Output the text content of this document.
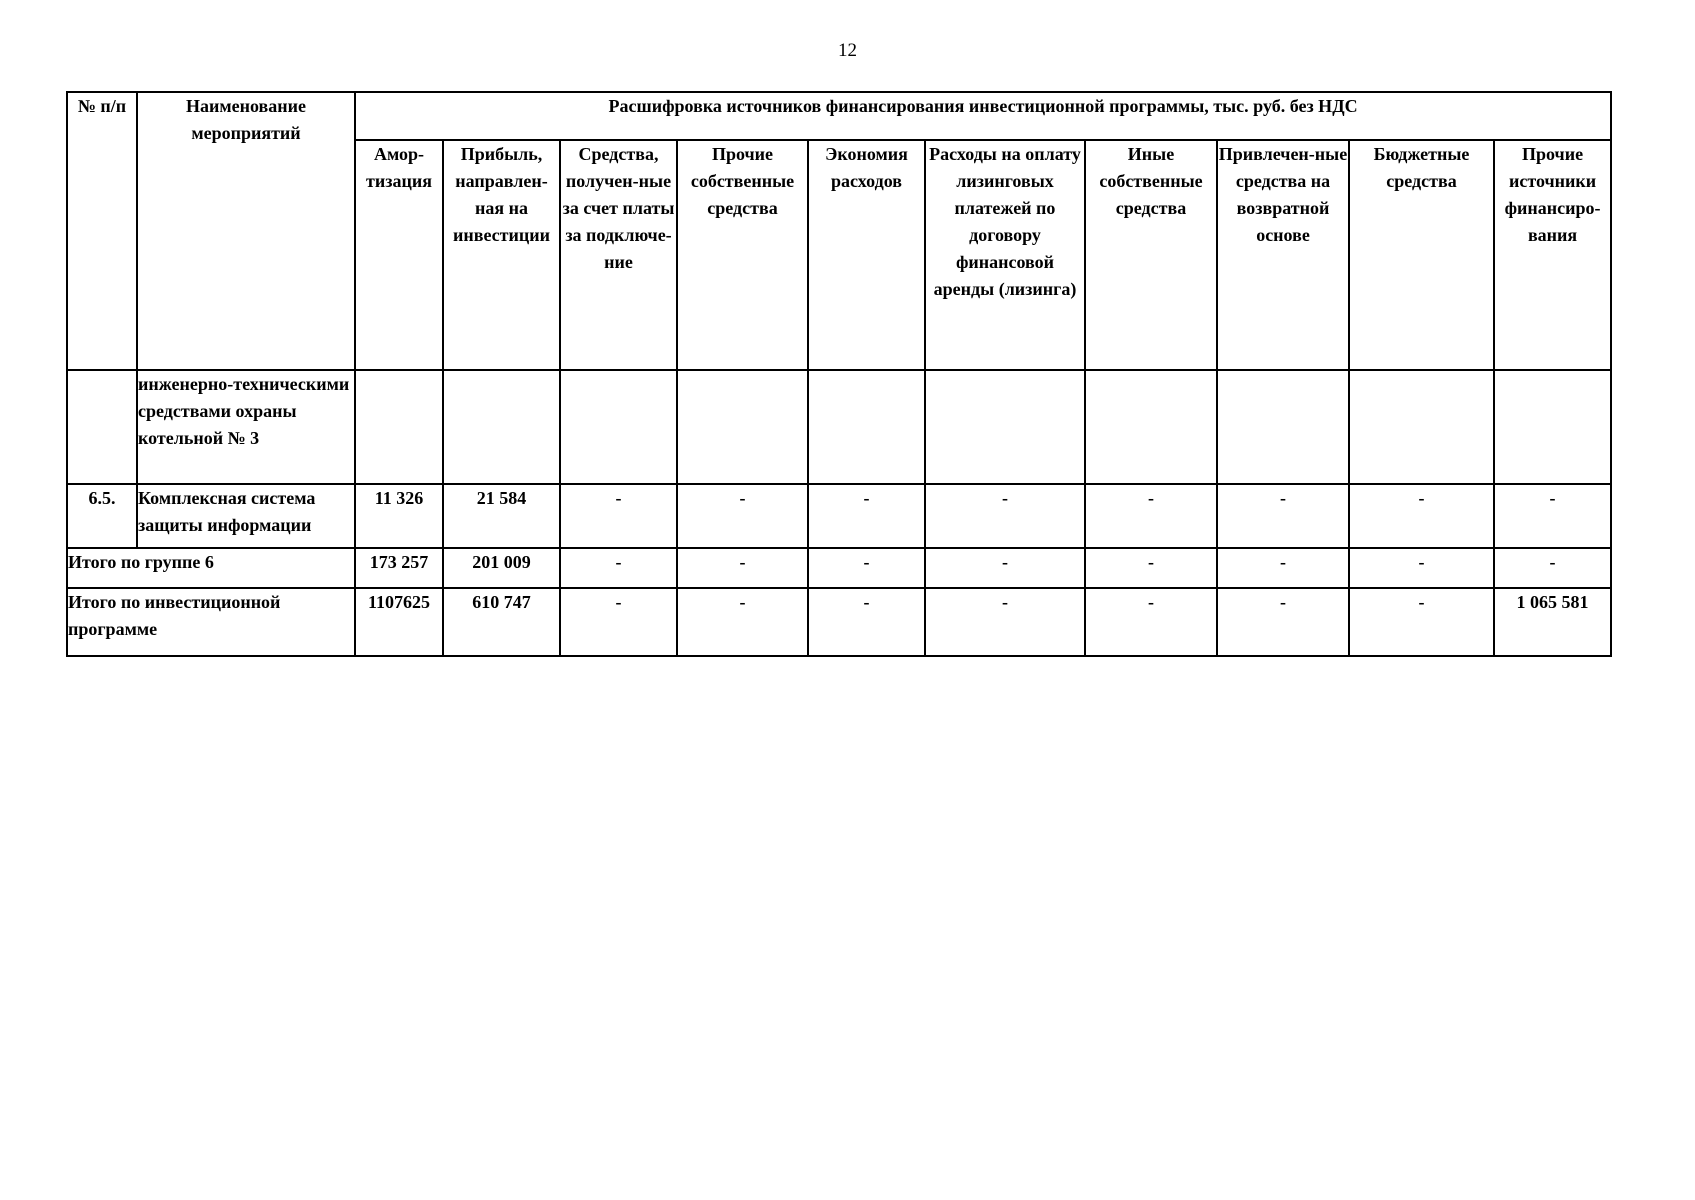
12
№ п/п	Наименование мероприятий	Расшифровка источников финансирования инвестиционной программы, тыс. руб. без НДС									
		Амор-тизация	Прибыль, направлен-ная на инвестиции	Средства, получен-ные за счет платы за подключе-ние	Прочие собственные средства	Экономия расходов	Расходы на оплату лизинговых платежей по договору финансовой аренды (лизинга)	Иные собственные средства	Привлечен-ные средства на возвратной основе	Бюджетные средства	Прочие источники финансиро-вания
	инженерно-техническими средствами охраны котельной № 3										
6.5.	Комплексная система защиты информации	11 326	21 584	-	-	-	-	-	-	-	-
Итого по группе 6		173 257	201 009	-	-	-	-	-	-	-	-
Итого по инвестиционной программе		1107625	610 747	-	-	-	-	-	-	-	1 065 581
